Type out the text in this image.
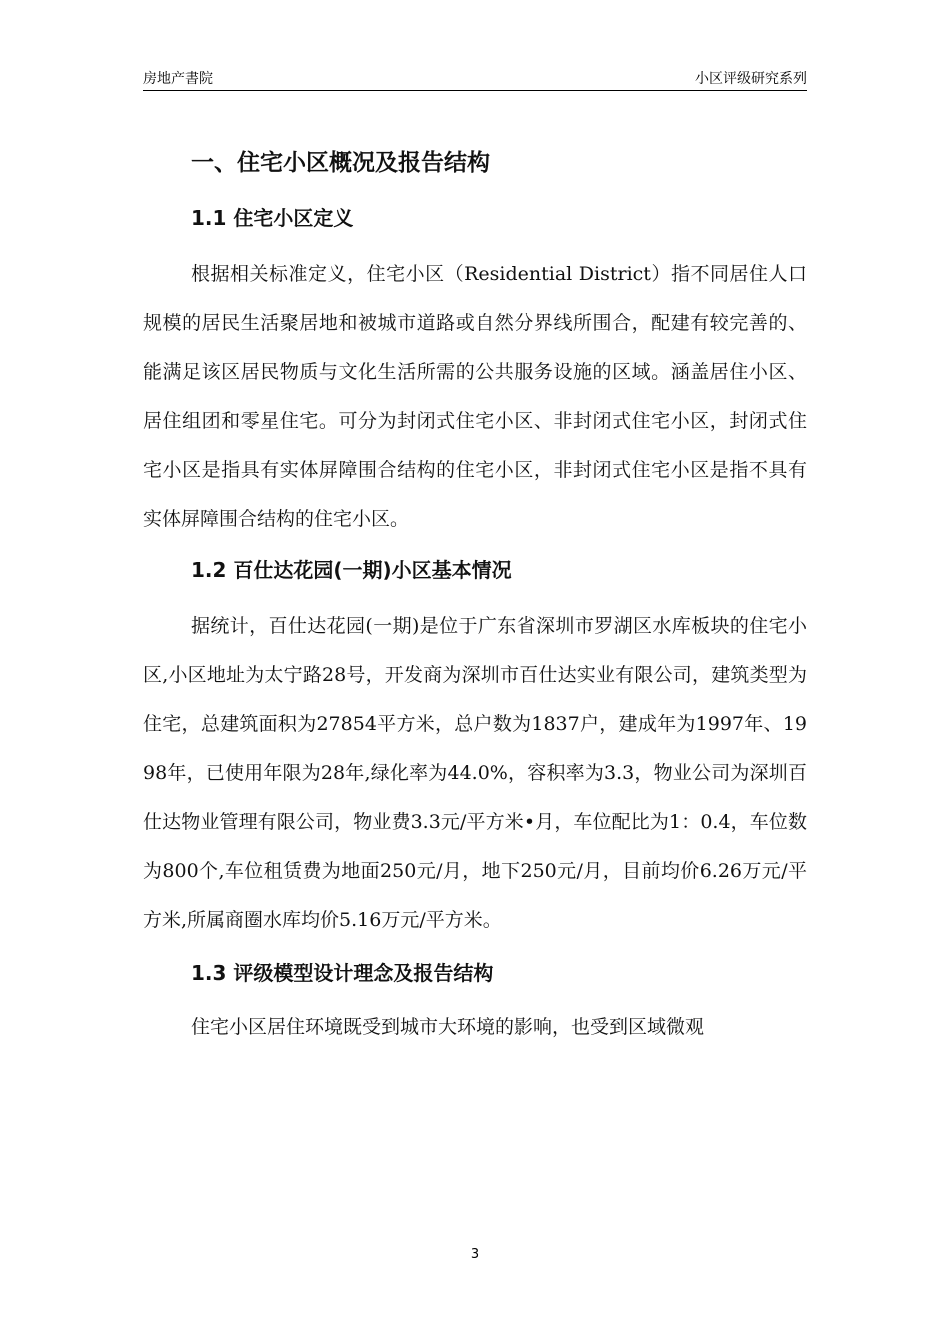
房地产書院	小区评级研究系列
一、住宅小区概况及报告结构
1.1 住宅小区定义

根据相关标准定义，住宅小区（Residential District）指不同居住人口规模的居民生活聚居地和被城市道路或自然分界线所围合，配建有较完善的、能满足该区居民物质与文化生活所需的公共服务设施的区域。涵盖居住小区、居住组团和零星住宅。可分为封闭式住宅小区、非封闭式住宅小区，封闭式住宅小区是指具有实体屏障围合结构的住宅小区，非封闭式住宅小区是指不具有实体屏障围合结构的住宅小区。

1.2 百仕达花园(一期)小区基本情况

据统计，百仕达花园(一期)是位于广东省深圳市罗湖区水库板块的住宅小区,小区地址为太宁路28号，开发商为深圳市百仕达实业有限公司，建筑类型为住宅，总建筑面积为27854平方米，总户数为1837户，建成年为1997年、1998年，已使用年限为28年,绿化率为44.0%，容积率为3.3，物业公司为深圳百仕达物业管理有限公司，物业费3.3元/平方米•月，车位配比为1：0.4，车位数为800个,车位租赁费为地面250元/月，地下250元/月，目前均价6.26万元/平方米,所属商圈水库均价5.16万元/平方米。

1.3 评级模型设计理念及报告结构

住宅小区居住环境既受到城市大环境的影响，也受到区域微观

3
